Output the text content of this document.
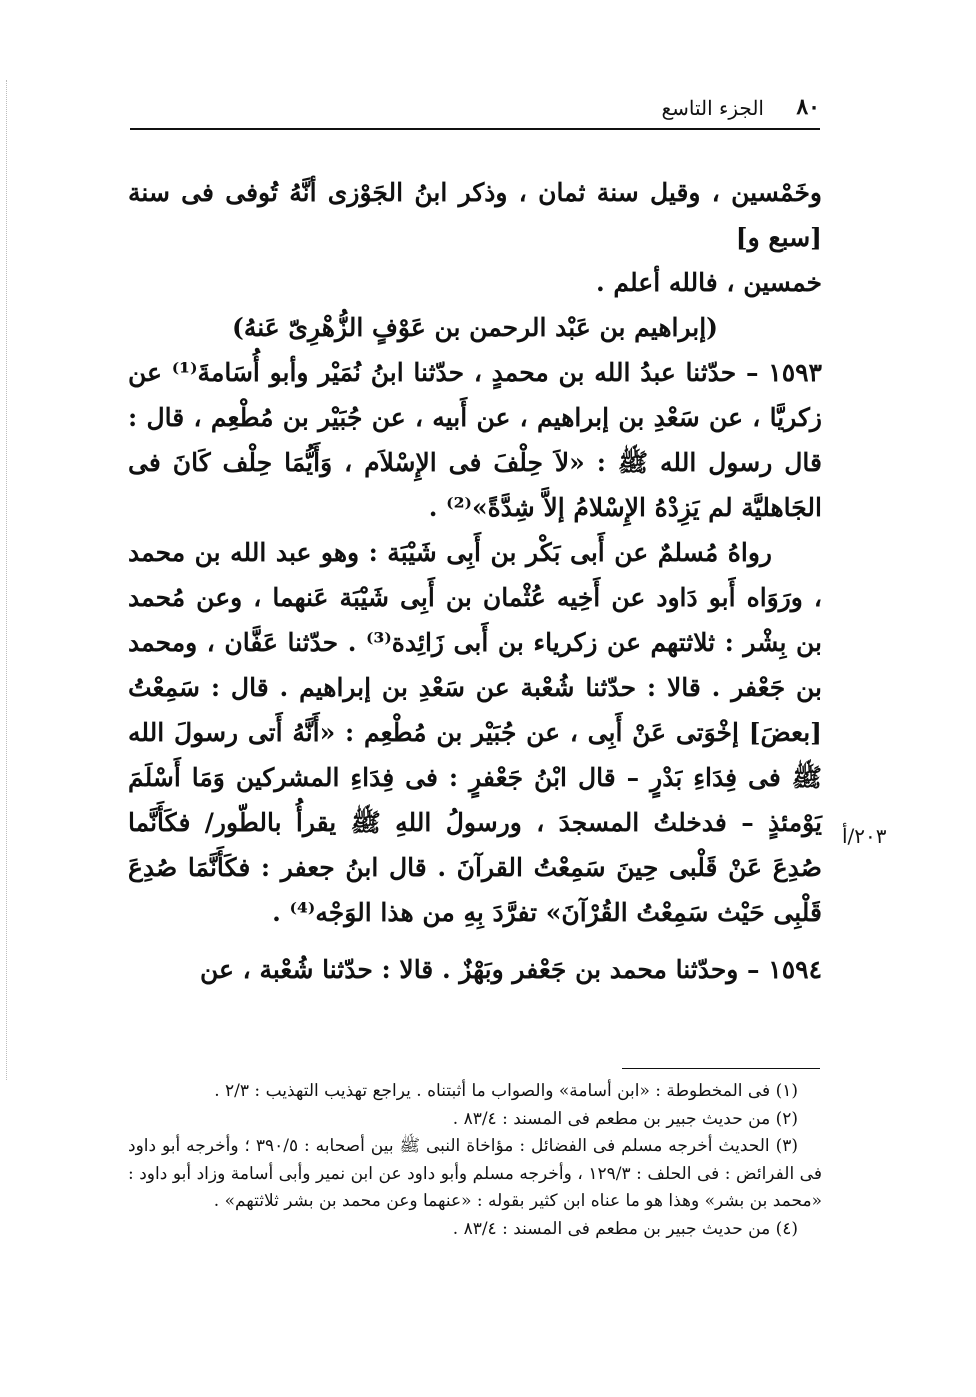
٨٠
الجزء التاسع

وخَمْسين ، وقيل سنة ثمان ، وذكر ابنُ الجَوْزى أنَّهُ تُوفى فى سنة [سبع و]

خمسين ، فالله أعلم .

(إبراهيم بن عَبْد الرحمن بن عَوْفٍ الزُّهْرِىّ عَنهُ)

١٥٩٣ – حدّثنا عبدُ الله بن محمدٍ ، حدّثنا ابنُ نُمَيْر وأبو أُسَامةَ⁽¹⁾ عن زكريَّا ، عن سَعْدِ بن إبراهيم ، عن أَبيه ، عن جُبَيْر بن مُطْعِم ، قال : قال رسول الله ﷺ : «لاَ حِلْفَ فى الإِسْلاَم ، وَأَيُّمَا حِلْف كَانَ فى الجَاهليَّة لم يَزِدْهُ الإِسْلامُ إلاَّ شِدَّةً»⁽²⁾ .

رواهُ مُسلمٌ عن أَبى بَكْر بن أَبِى شَيْبَة : وهو عبد الله بن محمد ، ورَوَاه أَبو دَاود عن أَخِيه عُثْمان بن أَبِى شَيْبَة عَنهما ، وعن مُحمد بن بِشْر : ثلاثتهم عن زكرياء بن أَبى زَائِدة⁽³⁾ . حدّثنا عَفَّان ، ومحمد بن جَعْفر . قالا : حدّثنا شُعْبة عن سَعْدِ بن إبراهيم . قال : سَمِعْتُ [بعضَ] إخْوَتى عَنْ أَبِى ، عن جُبَيْر بن مُطْعِم : «أَنَّهُ أَتى رسولَ الله ﷺ فى فِدَاءِ بَدْرٍ – قال ابْنُ جَعْفرٍ : فى فِدَاءِ المشركين وَمَا أَسْلَمَ يَوْمئذٍ – فدخلتُ المسجدَ ، ورسولُ اللهِ ﷺ يقرأُ بالطّور/ فكَأَنَّما صُدِعَ عَنْ قَلْبى حِينَ سَمِعْتُ القرآنَ . قال ابنُ جعفر : فكَأَنَّمَا صُدِعَ قَلْبِى حَيْث سَمِعْتُ القُرْآنَ» تفرَّدَ بِهِ من هذا الوَجْه⁽⁴⁾ .

١٥٩٤ – وحدّثنا محمد بن جَعْفر وبَهْزٌ . قالا : حدّثنا شُعْبة ، عن

٢٠٣/أ

(١) فى المخطوطة : «ابن أسامة» والصواب ما أثبتناه . يراجع تهذيب التهذيب : ٢/٣ .

(٢) من حديث جبير بن مطعم فى المسند : ٨٣/٤ .

(٣) الحديث أخرجه مسلم فى الفضائل : مؤاخاة النبى ﷺ بين أصحابه : ٣٩٠/٥ ؛ وأخرجه أبو داود فى الفرائض : فى الحلف : ١٢٩/٣ ، وأخرجه مسلم وأبو داود عن ابن نمير وأبى أسامة وزاد أبو داود : «محمد بن بشر» وهذا هو ما عناه ابن كثير بقوله : «عنهما وعن محمد بن بشر ثلاثتهم» .

(٤) من حديث جبير بن مطعم فى المسند : ٨٣/٤ .
